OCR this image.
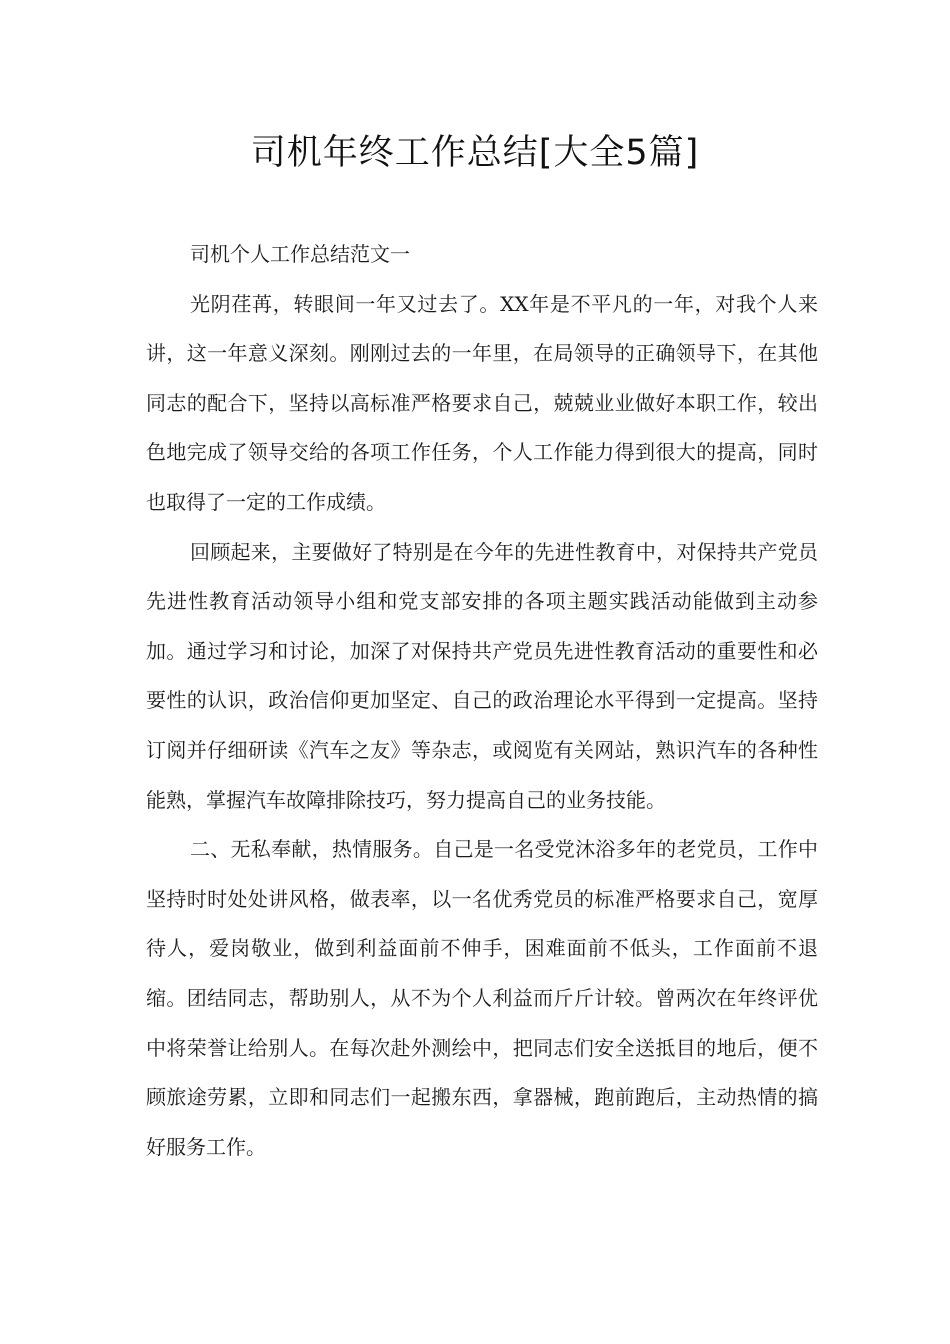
司机年终工作总结[大全5篇]

司机个人工作总结范文一

光阴荏苒，转眼间一年又过去了。XX年是不平凡的一年，对我个人来讲，这一年意义深刻。刚刚过去的一年里，在局领导的正确领导下，在其他同志的配合下，坚持以高标准严格要求自己，兢兢业业做好本职工作，较出色地完成了领导交给的各项工作任务，个人工作能力得到很大的提高，同时也取得了一定的工作成绩。

回顾起来，主要做好了特别是在今年的先进性教育中，对保持共产党员先进性教育活动领导小组和党支部安排的各项主题实践活动能做到主动参加。通过学习和讨论，加深了对保持共产党员先进性教育活动的重要性和必要性的认识，政治信仰更加坚定、自己的政治理论水平得到一定提高。坚持订阅并仔细研读《汽车之友》等杂志，或阅览有关网站，熟识汽车的各种性能熟，掌握汽车故障排除技巧，努力提高自己的业务技能。

二、无私奉献，热情服务。自己是一名受党沐浴多年的老党员，工作中坚持时时处处讲风格，做表率，以一名优秀党员的标准严格要求自己，宽厚待人，爱岗敬业，做到利益面前不伸手，困难面前不低头，工作面前不退缩。团结同志，帮助别人，从不为个人利益而斤斤计较。曾两次在年终评优中将荣誉让给别人。在每次赴外测绘中，把同志们安全送抵目的地后，便不顾旅途劳累，立即和同志们一起搬东西，拿器械，跑前跑后，主动热情的搞好服务工作。
